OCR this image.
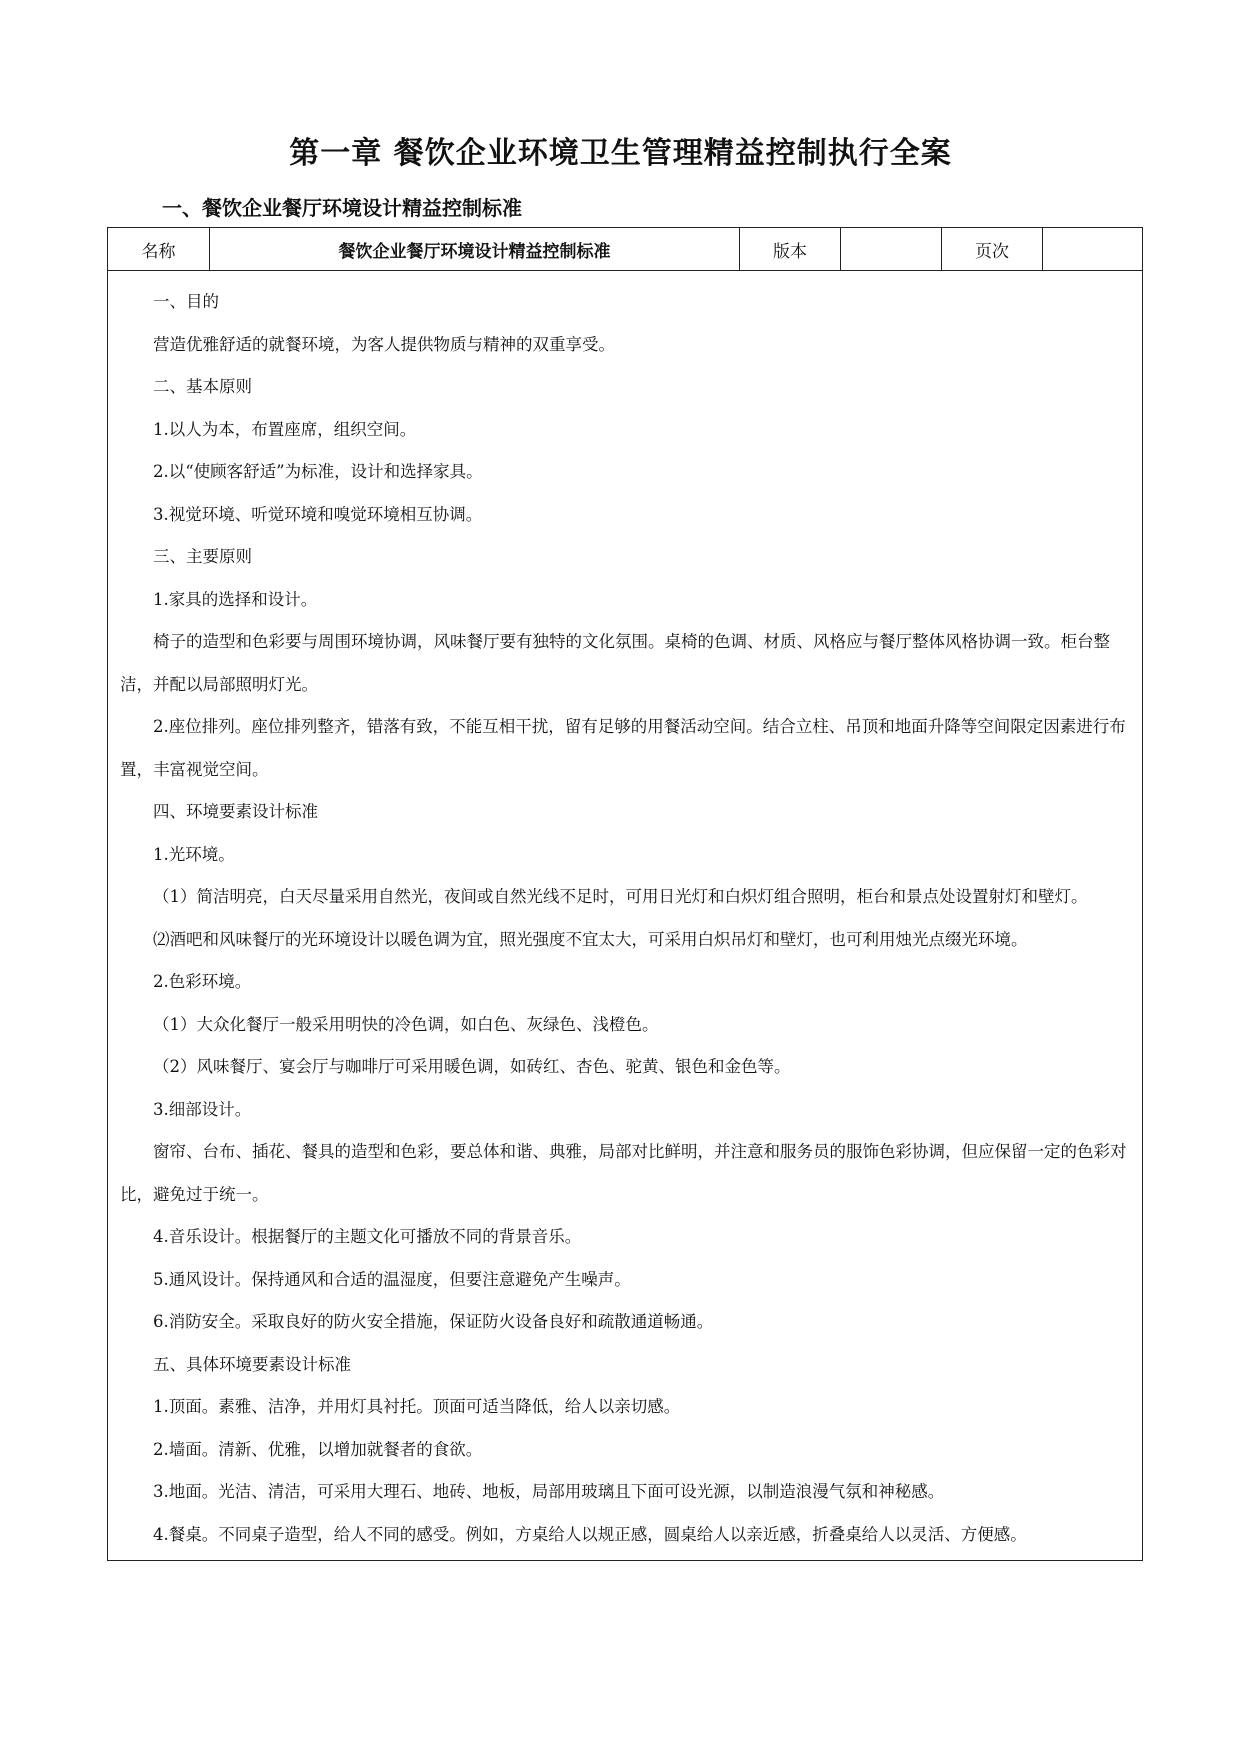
第一章 餐饮企业环境卫生管理精益控制执行全案
一、餐饮企业餐厅环境设计精益控制标准
名称	餐饮企业餐厅环境设计精益控制标准	版本		页次	

一、目的

营造优雅舒适的就餐环境，为客人提供物质与精神的双重享受。

二、基本原则

1.以人为本，布置座席，组织空间。

2.以“使顾客舒适”为标准，设计和选择家具。

3.视觉环境、听觉环境和嗅觉环境相互协调。

三、主要原则

1.家具的选择和设计。

椅子的造型和色彩要与周围环境协调，风味餐厅要有独特的文化氛围。桌椅的色调、材质、风格应与餐厅整体风格协调一致。柜台整洁，并配以局部照明灯光。

2.座位排列。座位排列整齐，错落有致，不能互相干扰，留有足够的用餐活动空间。结合立柱、吊顶和地面升降等空间限定因素进行布置，丰富视觉空间。

四、环境要素设计标准

1.光环境。

（1）简洁明亮，白天尽量采用自然光，夜间或自然光线不足时，可用日光灯和白炽灯组合照明，柜台和景点处设置射灯和壁灯。

⑵酒吧和风味餐厅的光环境设计以暖色调为宜，照光强度不宜太大，可采用白炽吊灯和壁灯，也可利用烛光点缀光环境。

2.色彩环境。

（1）大众化餐厅一般采用明快的冷色调，如白色、灰绿色、浅橙色。

（2）风味餐厅、宴会厅与咖啡厅可采用暖色调，如砖红、杏色、驼黄、银色和金色等。

3.细部设计。

窗帘、台布、插花、餐具的造型和色彩，要总体和谐、典雅，局部对比鲜明，并注意和服务员的服饰色彩协调，但应保留一定的色彩对比，避免过于统一。

4.音乐设计。根据餐厅的主题文化可播放不同的背景音乐。

5.通风设计。保持通风和合适的温湿度，但要注意避免产生噪声。

6.消防安全。采取良好的防火安全措施，保证防火设备良好和疏散通道畅通。

五、具体环境要素设计标准

1.顶面。素雅、洁净，并用灯具衬托。顶面可适当降低，给人以亲切感。

2.墙面。清新、优雅，以增加就餐者的食欲。

3.地面。光洁、清洁，可采用大理石、地砖、地板，局部用玻璃且下面可设光源，以制造浪漫气氛和神秘感。

4.餐桌。不同桌子造型，给人不同的感受。例如，方桌给人以规正感，圆桌给人以亲近感，折叠桌给人以灵活、方便感。
